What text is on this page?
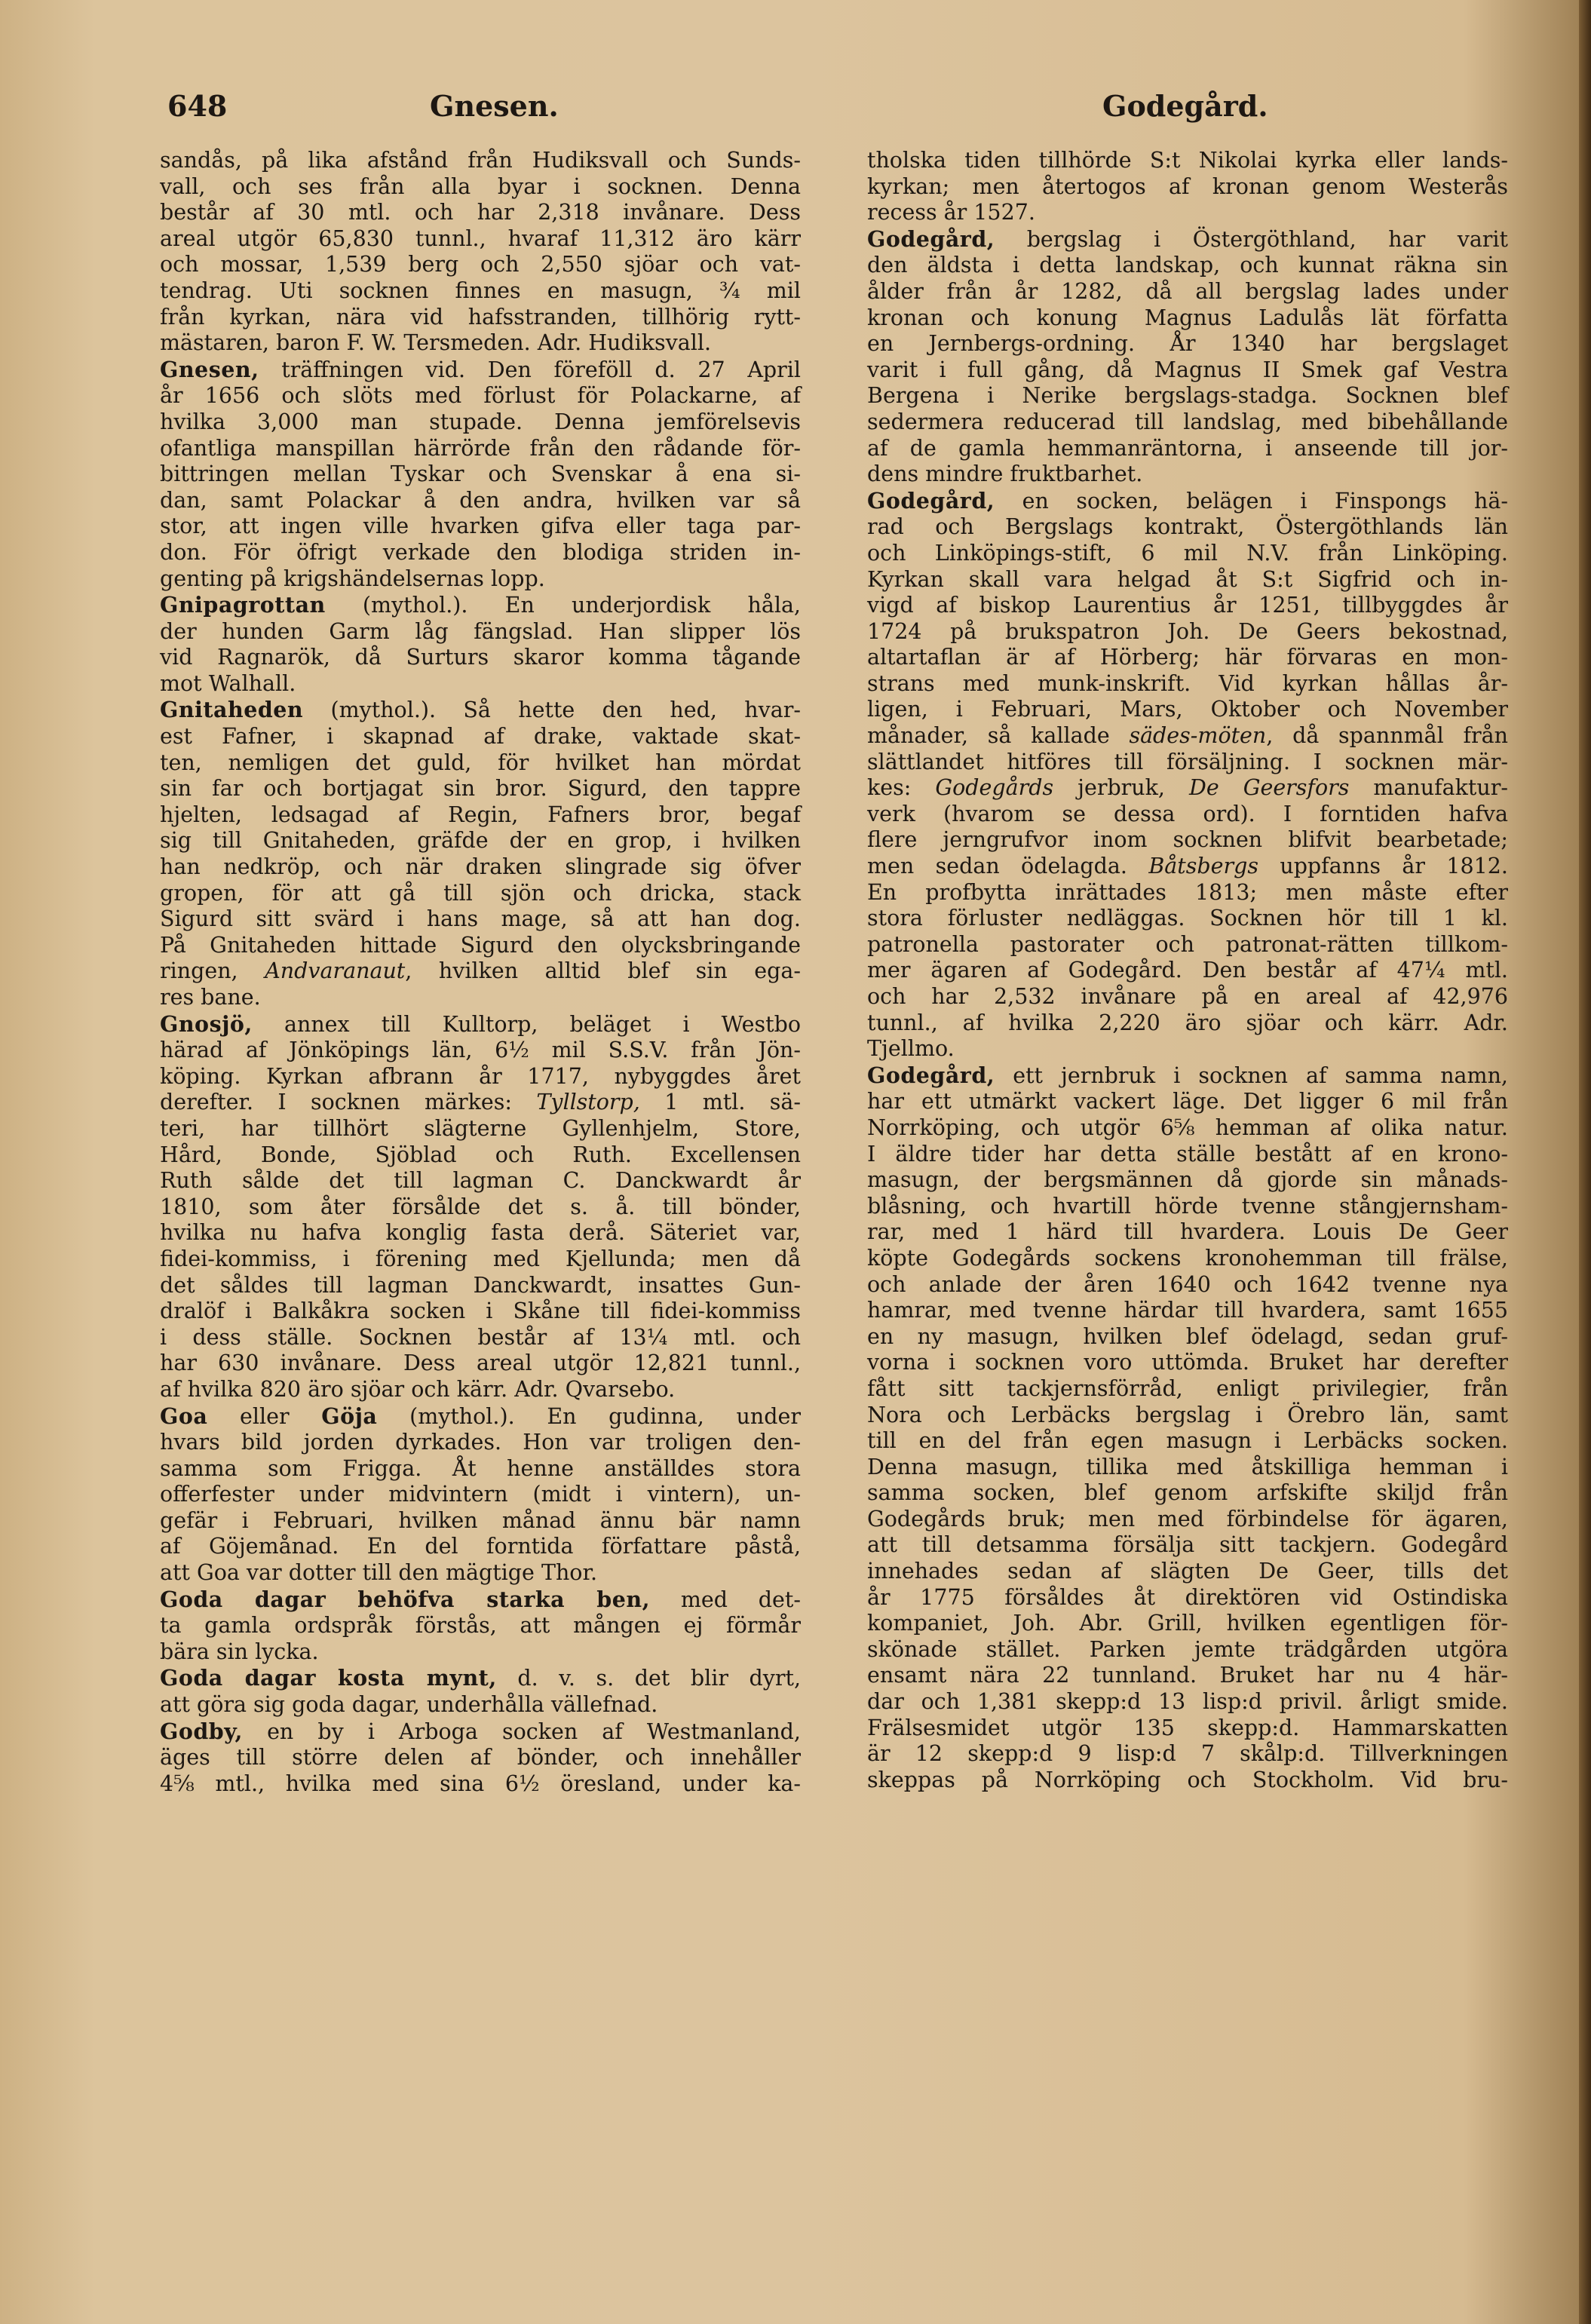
648	Gnesen.	Godegård.
sandås, på lika afstånd från Hudiksvall och Sunds-
vall, och ses från alla byar i socknen. Denna
består af 30 mtl. och har 2,318 invånare. Dess
areal utgör 65,830 tunnl., hvaraf 11,312 äro kärr
och mossar, 1,539 berg och 2,550 sjöar och vat-
tendrag. Uti socknen finnes en masugn, ¾ mil
från kyrkan, nära vid hafsstranden, tillhörig rytt-
mästaren, baron F. W. Tersmeden. Adr. Hudiksvall.
Gnesen, träffningen vid. Den föreföll d. 27 April
år 1656 och slöts med förlust för Polackarne, af
hvilka 3,000 man stupade. Denna jemförelsevis
ofantliga manspillan härrörde från den rådande för-
bittringen mellan Tyskar och Svenskar å ena si-
dan, samt Polackar å den andra, hvilken var så
stor, att ingen ville hvarken gifva eller taga par-
don. För öfrigt verkade den blodiga striden in-
genting på krigshändelsernas lopp.
Gnipagrottan (mythol.). En underjordisk håla,
der hunden Garm låg fängslad. Han slipper lös
vid Ragnarök, då Surturs skaror komma tågande
mot Walhall.
Gnitaheden (mythol.). Så hette den hed, hvar-
est Fafner, i skapnad af drake, vaktade skat-
ten, nemligen det guld, för hvilket han mördat
sin far och bortjagat sin bror. Sigurd, den tappre
hjelten, ledsagad af Regin, Fafners bror, begaf
sig till Gnitaheden, gräfde der en grop, i hvilken
han nedkröp, och när draken slingrade sig öfver
gropen, för att gå till sjön och dricka, stack
Sigurd sitt svärd i hans mage, så att han dog.
På Gnitaheden hittade Sigurd den olycksbringande
ringen, Andvaranaut, hvilken alltid blef sin ega-
res bane.
Gnosjö, annex till Kulltorp, beläget i Westbo
härad af Jönköpings län, 6½ mil S.S.V. från Jön-
köping. Kyrkan afbrann år 1717, nybyggdes året
derefter. I socknen märkes: Tyllstorp, 1 mtl. sä-
teri, har tillhört slägterne Gyllenhjelm, Store,
Hård, Bonde, Sjöblad och Ruth. Excellensen
Ruth sålde det till lagman C. Danckwardt år
1810, som åter försålde det s. å. till bönder,
hvilka nu hafva konglig fasta derå. Säteriet var,
fidei-kommiss, i förening med Kjellunda; men då
det såldes till lagman Danckwardt, insattes Gun-
dralöf i Balkåkra socken i Skåne till fidei-kommiss
i dess ställe. Socknen består af 13¼ mtl. och
har 630 invånare. Dess areal utgör 12,821 tunnl.,
af hvilka 820 äro sjöar och kärr. Adr. Qvarsebo.
Goa eller Göja (mythol.). En gudinna, under
hvars bild jorden dyrkades. Hon var troligen den-
samma som Frigga. Åt henne anställdes stora
offerfester under midvintern (midt i vintern), un-
gefär i Februari, hvilken månad ännu bär namn
af Göjemånad. En del forntida författare påstå,
att Goa var dotter till den mägtige Thor.
Goda dagar behöfva starka ben, med det-
ta gamla ordspråk förstås, att mången ej förmår
bära sin lycka.
Goda dagar kosta mynt, d. v. s. det blir dyrt,
att göra sig goda dagar, underhålla vällefnad.
Godby, en by i Arboga socken af Westmanland,
äges till större delen af bönder, och innehåller
4⅝ mtl., hvilka med sina 6½ öresland, under ka-
tholska tiden tillhörde S:t Nikolai kyrka eller lands-
kyrkan; men återtogos af kronan genom Westerås
recess år 1527.
Godegård, bergslag i Östergöthland, har varit
den äldsta i detta landskap, och kunnat räkna sin
ålder från år 1282, då all bergslag lades under
kronan och konung Magnus Ladulås lät författa
en Jernbergs-ordning. År 1340 har bergslaget
varit i full gång, då Magnus II Smek gaf Vestra
Bergena i Nerike bergslags-stadga. Socknen blef
sedermera reducerad till landslag, med bibehållande
af de gamla hemmanräntorna, i anseende till jor-
dens mindre fruktbarhet.
Godegård, en socken, belägen i Finspongs hä-
rad och Bergslags kontrakt, Östergöthlands län
och Linköpings-stift, 6 mil N.V. från Linköping.
Kyrkan skall vara helgad åt S:t Sigfrid och in-
vigd af biskop Laurentius år 1251, tillbyggdes år
1724 på brukspatron Joh. De Geers bekostnad,
altartaflan är af Hörberg; här förvaras en mon-
strans med munk-inskrift. Vid kyrkan hållas år-
ligen, i Februari, Mars, Oktober och November
månader, så kallade sädes-möten, då spannmål från
slättlandet hitföres till försäljning. I socknen mär-
kes: Godegårds jerbruk, De Geersfors manufaktur-
verk (hvarom se dessa ord). I forntiden hafva
flere jerngrufvor inom socknen blifvit bearbetade;
men sedan ödelagda. Båtsbergs uppfanns år 1812.
En profbytta inrättades 1813; men måste efter
stora förluster nedläggas. Socknen hör till 1 kl.
patronella pastorater och patronat-rätten tillkom-
mer ägaren af Godegård. Den består af 47¼ mtl.
och har 2,532 invånare på en areal af 42,976
tunnl., af hvilka 2,220 äro sjöar och kärr. Adr.
Tjellmo.
Godegård, ett jernbruk i socknen af samma namn,
har ett utmärkt vackert läge. Det ligger 6 mil från
Norrköping, och utgör 6⅝ hemman af olika natur.
I äldre tider har detta ställe bestått af en krono-
masugn, der bergsmännen då gjorde sin månads-
blåsning, och hvartill hörde tvenne stångjernsham-
rar, med 1 härd till hvardera. Louis De Geer
köpte Godegårds sockens kronohemman till frälse,
och anlade der åren 1640 och 1642 tvenne nya
hamrar, med tvenne härdar till hvardera, samt 1655
en ny masugn, hvilken blef ödelagd, sedan gruf-
vorna i socknen voro uttömda. Bruket har derefter
fått sitt tackjernsförråd, enligt privilegier, från
Nora och Lerbäcks bergslag i Örebro län, samt
till en del från egen masugn i Lerbäcks socken.
Denna masugn, tillika med åtskilliga hemman i
samma socken, blef genom arfskifte skiljd från
Godegårds bruk; men med förbindelse för ägaren,
att till detsamma försälja sitt tackjern. Godegård
innehades sedan af slägten De Geer, tills det
år 1775 försåldes åt direktören vid Ostindiska
kompaniet, Joh. Abr. Grill, hvilken egentligen för-
skönade stället. Parken jemte trädgården utgöra
ensamt nära 22 tunnland. Bruket har nu 4 här-
dar och 1,381 skepp:d 13 lisp:d privil. årligt smide.
Frälsesmidet utgör 135 skepp:d. Hammarskatten
är 12 skepp:d 9 lisp:d 7 skålp:d. Tillverkningen
skeppas på Norrköping och Stockholm. Vid bru-
